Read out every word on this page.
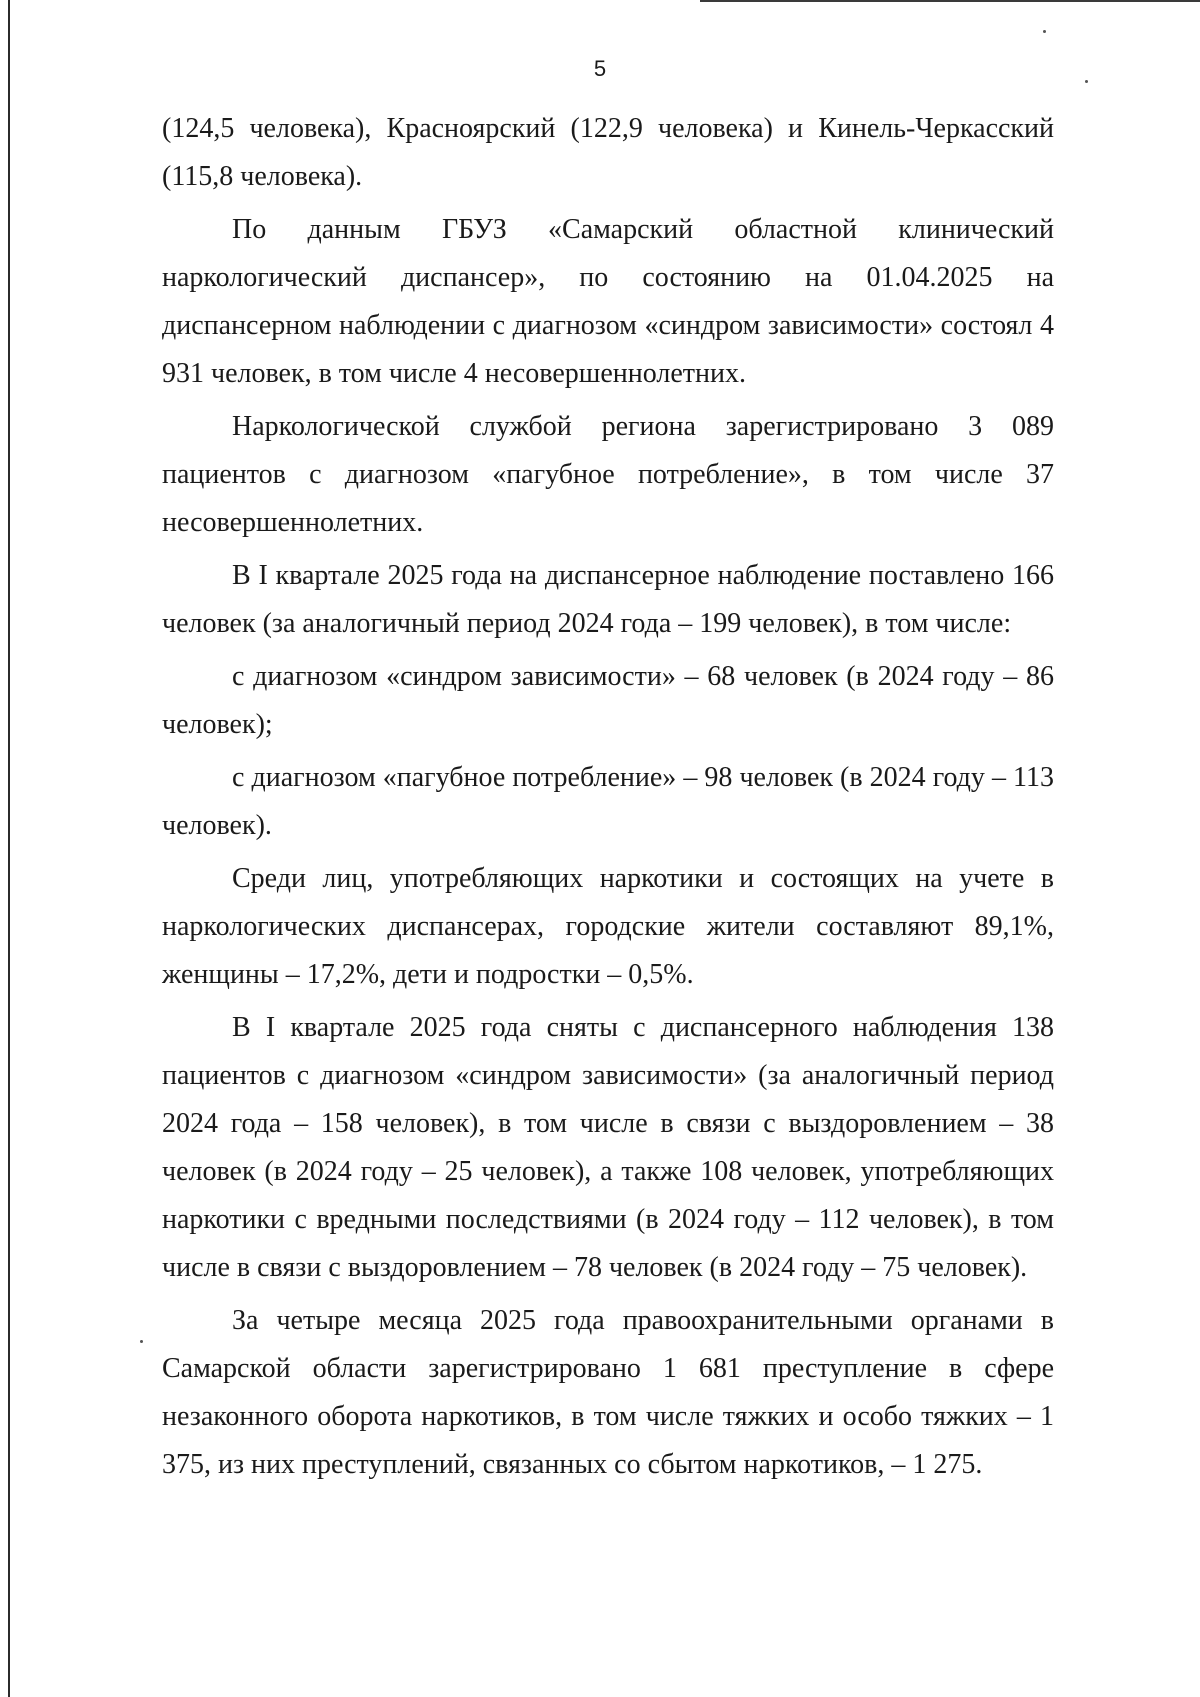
5

(124,5 человека), Красноярский (122,9 человека) и Кинель-Черкасский (115,8 человека).

По данным ГБУЗ «Самарский областной клинический наркологический диспансер», по состоянию на 01.04.2025 на диспансерном наблюдении с диагнозом «синдром зависимости» состоял 4 931 человек, в том числе 4 несовершеннолетних.

Наркологической службой региона зарегистрировано 3 089 пациентов с диагнозом «пагубное потребление», в том числе 37 несовершеннолетних.

В I квартале 2025 года на диспансерное наблюдение поставлено 166 человек (за аналогичный период 2024 года – 199 человек), в том числе:

с диагнозом «синдром зависимости» – 68 человек (в 2024 году – 86 человек);

с диагнозом «пагубное потребление» – 98 человек (в 2024 году – 113 человек).

Среди лиц, употребляющих наркотики и состоящих на учете в наркологических диспансерах, городские жители составляют 89,1%, женщины – 17,2%, дети и подростки – 0,5%.

В I квартале 2025 года сняты с диспансерного наблюдения 138 пациентов с диагнозом «синдром зависимости» (за аналогичный период 2024 года – 158 человек), в том числе в связи с выздоровлением – 38 человек (в 2024 году – 25 человек), а также 108 человек, употребляющих наркотики с вредными последствиями (в 2024 году – 112 человек), в том числе в связи с выздоровлением – 78 человек (в 2024 году – 75 человек).

За четыре месяца 2025 года правоохранительными органами в Самарской области зарегистрировано 1 681 преступление в сфере незаконного оборота наркотиков, в том числе тяжких и особо тяжких – 1 375, из них преступлений, связанных со сбытом наркотиков, – 1 275.
